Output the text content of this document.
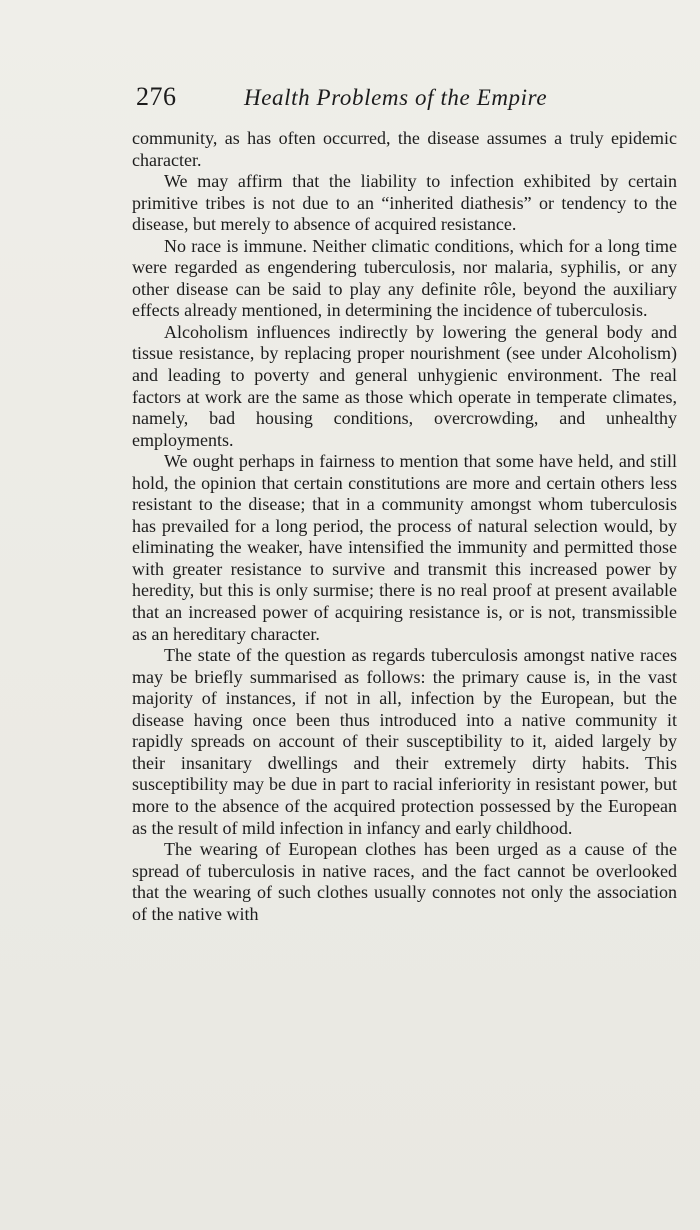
276	Health Problems of the Empire

community, as has often occurred, the disease assumes a truly epidemic character.

We may affirm that the liability to infection exhibited by certain primitive tribes is not due to an “inherited diathesis” or tendency to the disease, but merely to absence of acquired resistance.

No race is immune. Neither climatic conditions, which for a long time were regarded as engendering tuberculosis, nor malaria, syphilis, or any other disease can be said to play any definite rôle, beyond the auxiliary effects already mentioned, in determining the incidence of tuberculosis.

Alcoholism influences indirectly by lowering the general body and tissue resistance, by replacing proper nourishment (see under Alcoholism) and leading to poverty and general unhygienic environment. The real factors at work are the same as those which operate in temperate climates, namely, bad housing conditions, overcrowding, and unhealthy employments.

We ought perhaps in fairness to mention that some have held, and still hold, the opinion that certain constitutions are more and certain others less resistant to the disease; that in a community amongst whom tuberculosis has prevailed for a long period, the process of natural selection would, by eliminating the weaker, have intensified the immunity and permitted those with greater resistance to survive and transmit this increased power by heredity, but this is only surmise; there is no real proof at present available that an increased power of acquiring resistance is, or is not, transmissible as an hereditary character.

The state of the question as regards tuberculosis amongst native races may be briefly summarised as follows: the primary cause is, in the vast majority of instances, if not in all, infection by the European, but the disease having once been thus introduced into a native community it rapidly spreads on account of their susceptibility to it, aided largely by their insanitary dwellings and their extremely dirty habits. This susceptibility may be due in part to racial inferiority in resistant power, but more to the absence of the acquired protection possessed by the European as the result of mild infection in infancy and early childhood.

The wearing of European clothes has been urged as a cause of the spread of tuberculosis in native races, and the fact cannot be overlooked that the wearing of such clothes usually connotes not only the association of the native with
